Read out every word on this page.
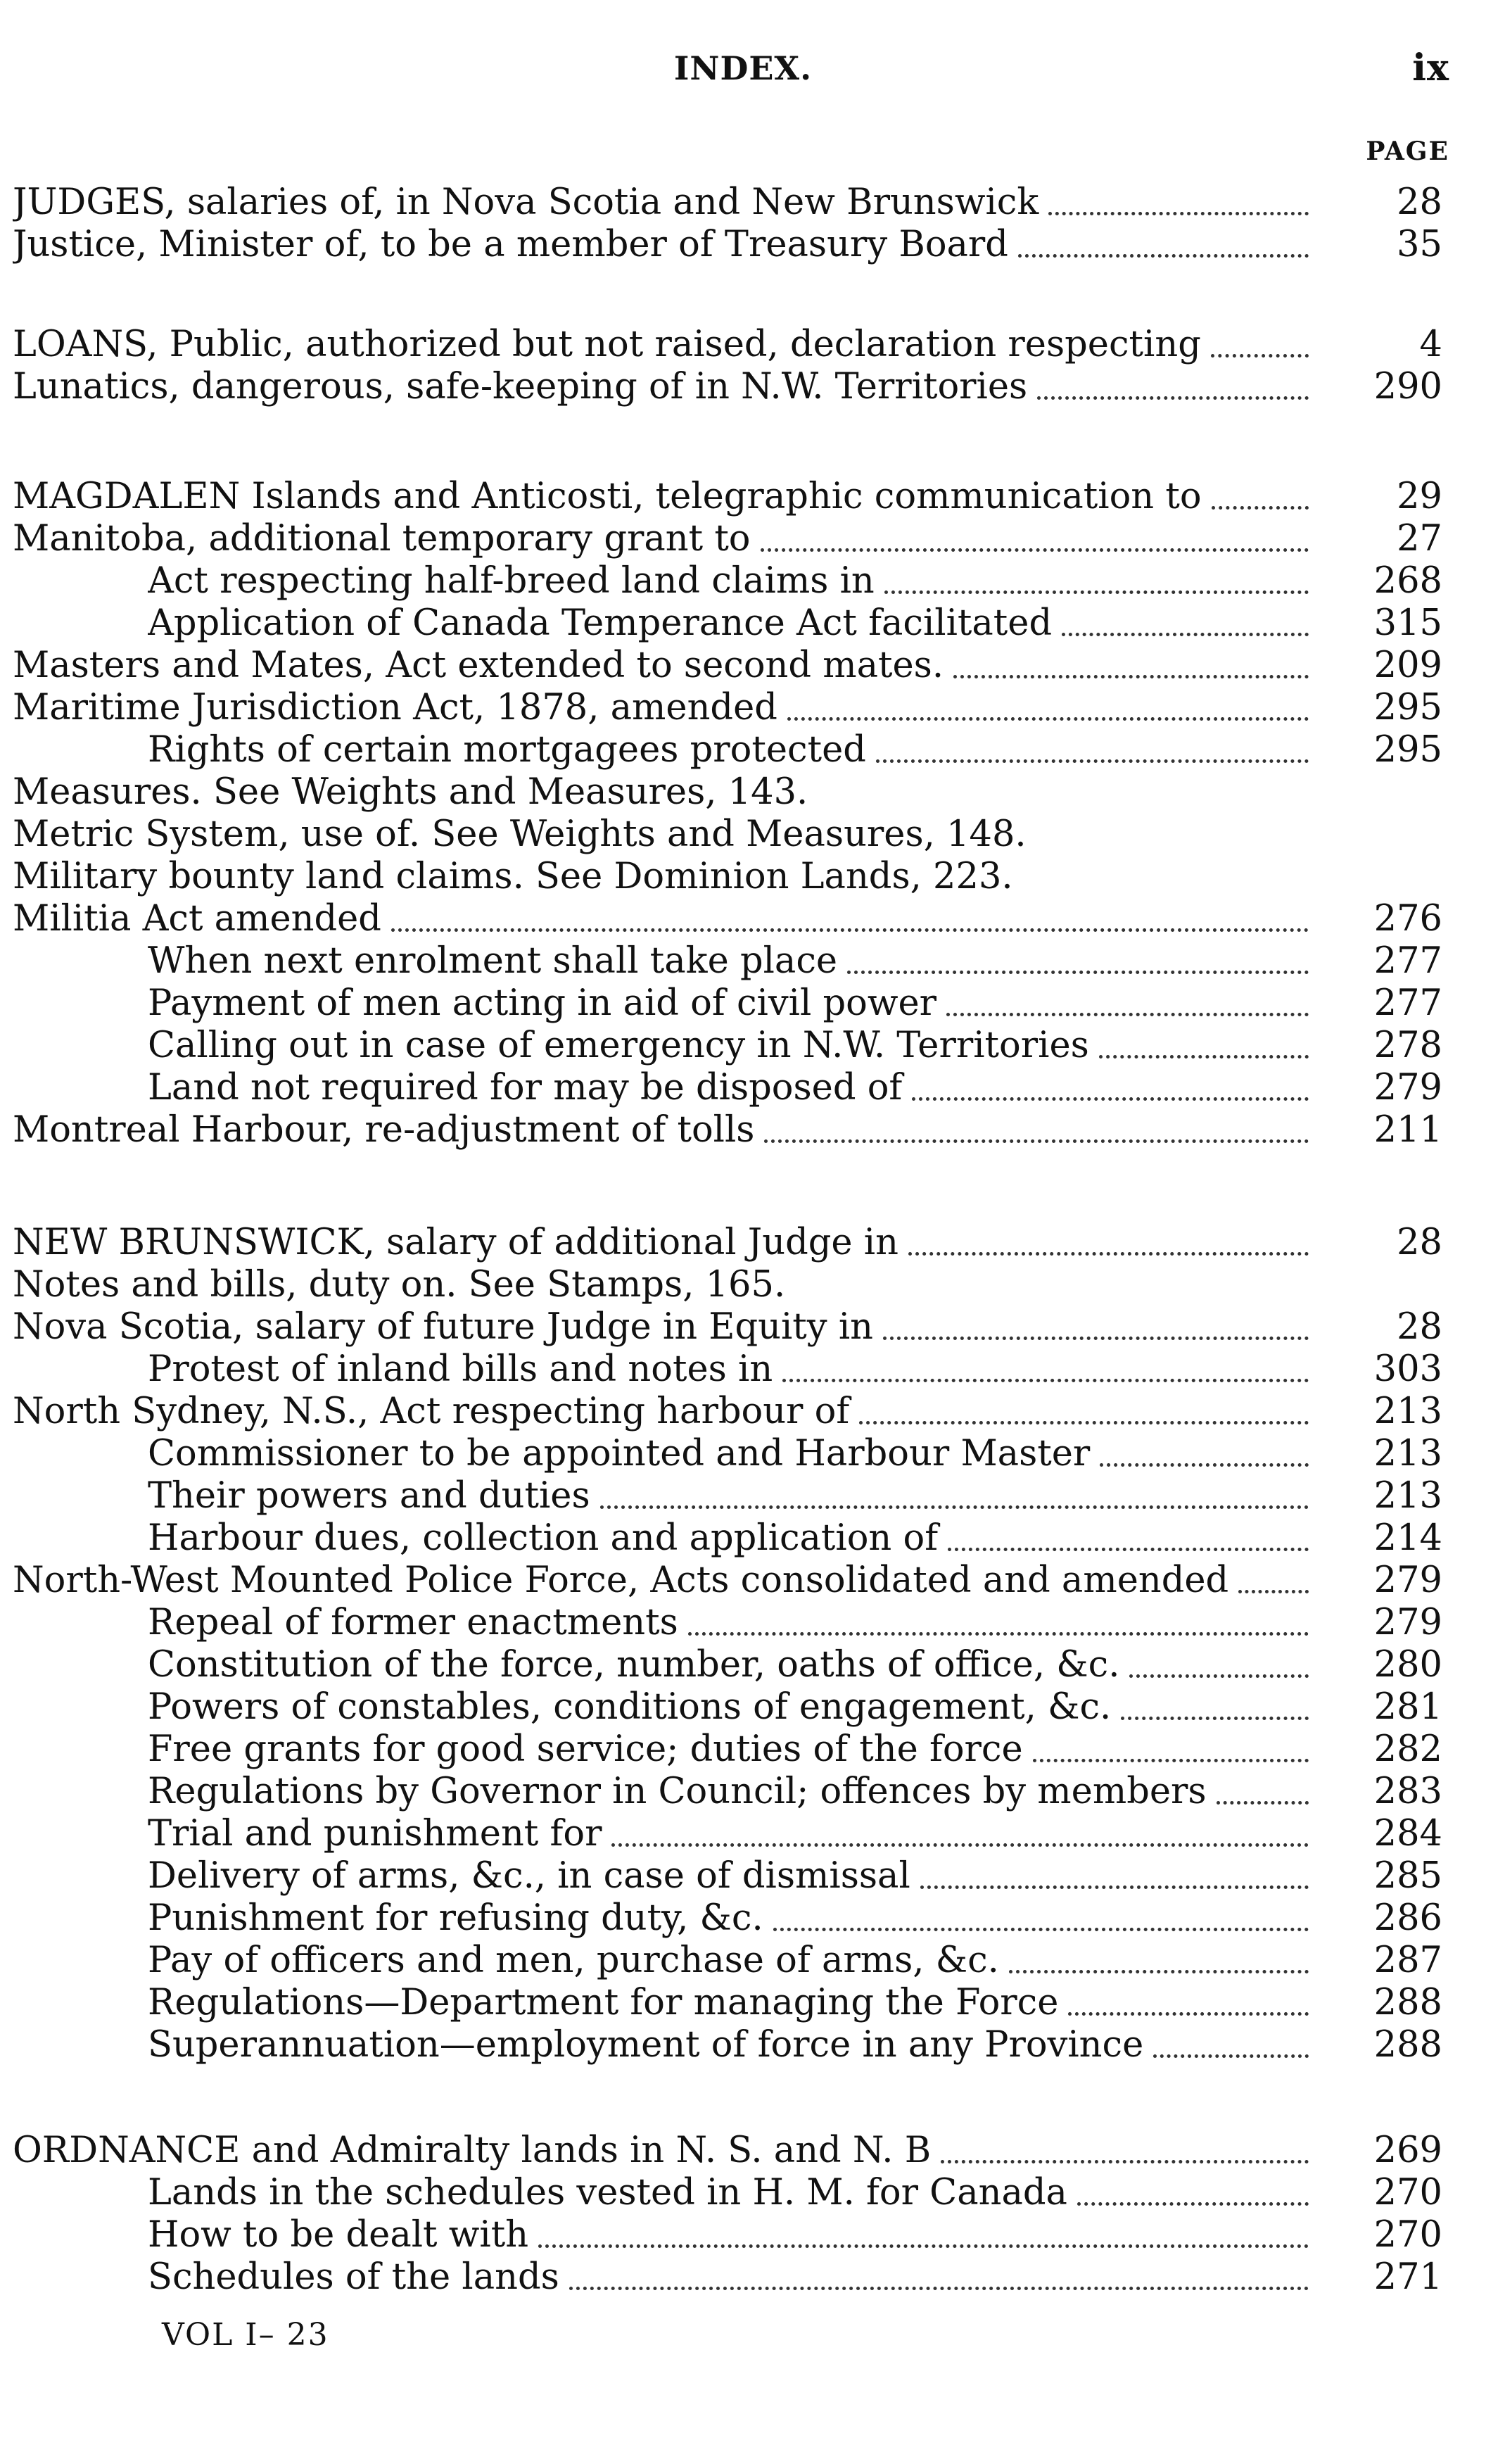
INDEX.	ix
PAGE
JUDGES, salaries of, in Nova Scotia and New Brunswick	28
Justice, Minister of, to be a member of Treasury Board	35
LOANS, Public, authorized but not raised, declaration respecting	4
Lunatics, dangerous, safe-keeping of in N.W. Territories	290
MAGDALEN Islands and Anticosti, telegraphic communication to	29
Manitoba, additional temporary grant to	27
Act respecting half-breed land claims in	268
Application of Canada Temperance Act facilitated	315
Masters and Mates, Act extended to second mates.	209
Maritime Jurisdiction Act, 1878, amended	295
Rights of certain mortgagees protected	295
Measures. See Weights and Measures, 143.
Metric System, use of. See Weights and Measures, 148.
Military bounty land claims. See Dominion Lands, 223.
Militia Act amended	276
When next enrolment shall take place	277
Payment of men acting in aid of civil power	277
Calling out in case of emergency in N.W. Territories	278
Land not required for may be disposed of	279
Montreal Harbour, re-adjustment of tolls	211
NEW BRUNSWICK, salary of additional Judge in	28
Notes and bills, duty on. See Stamps, 165.
Nova Scotia, salary of future Judge in Equity in	28
Protest of inland bills and notes in	303
North Sydney, N.S., Act respecting harbour of	213
Commissioner to be appointed and Harbour Master	213
Their powers and duties	213
Harbour dues, collection and application of	214
North-West Mounted Police Force, Acts consolidated and amended	279
Repeal of former enactments	279
Constitution of the force, number, oaths of office, &c.	280
Powers of constables, conditions of engagement, &c.	281
Free grants for good service; duties of the force	282
Regulations by Governor in Council; offences by members	283
Trial and punishment for	284
Delivery of arms, &c., in case of dismissal	285
Punishment for refusing duty, &c.	286
Pay of officers and men, purchase of arms, &c.	287
Regulations—Department for managing the Force	288
Superannuation—employment of force in any Province	288
ORDNANCE and Admiralty lands in N. S. and N. B	269
Lands in the schedules vested in H. M. for Canada	270
How to be dealt with	270
Schedules of the lands	271
VOL I– 23
